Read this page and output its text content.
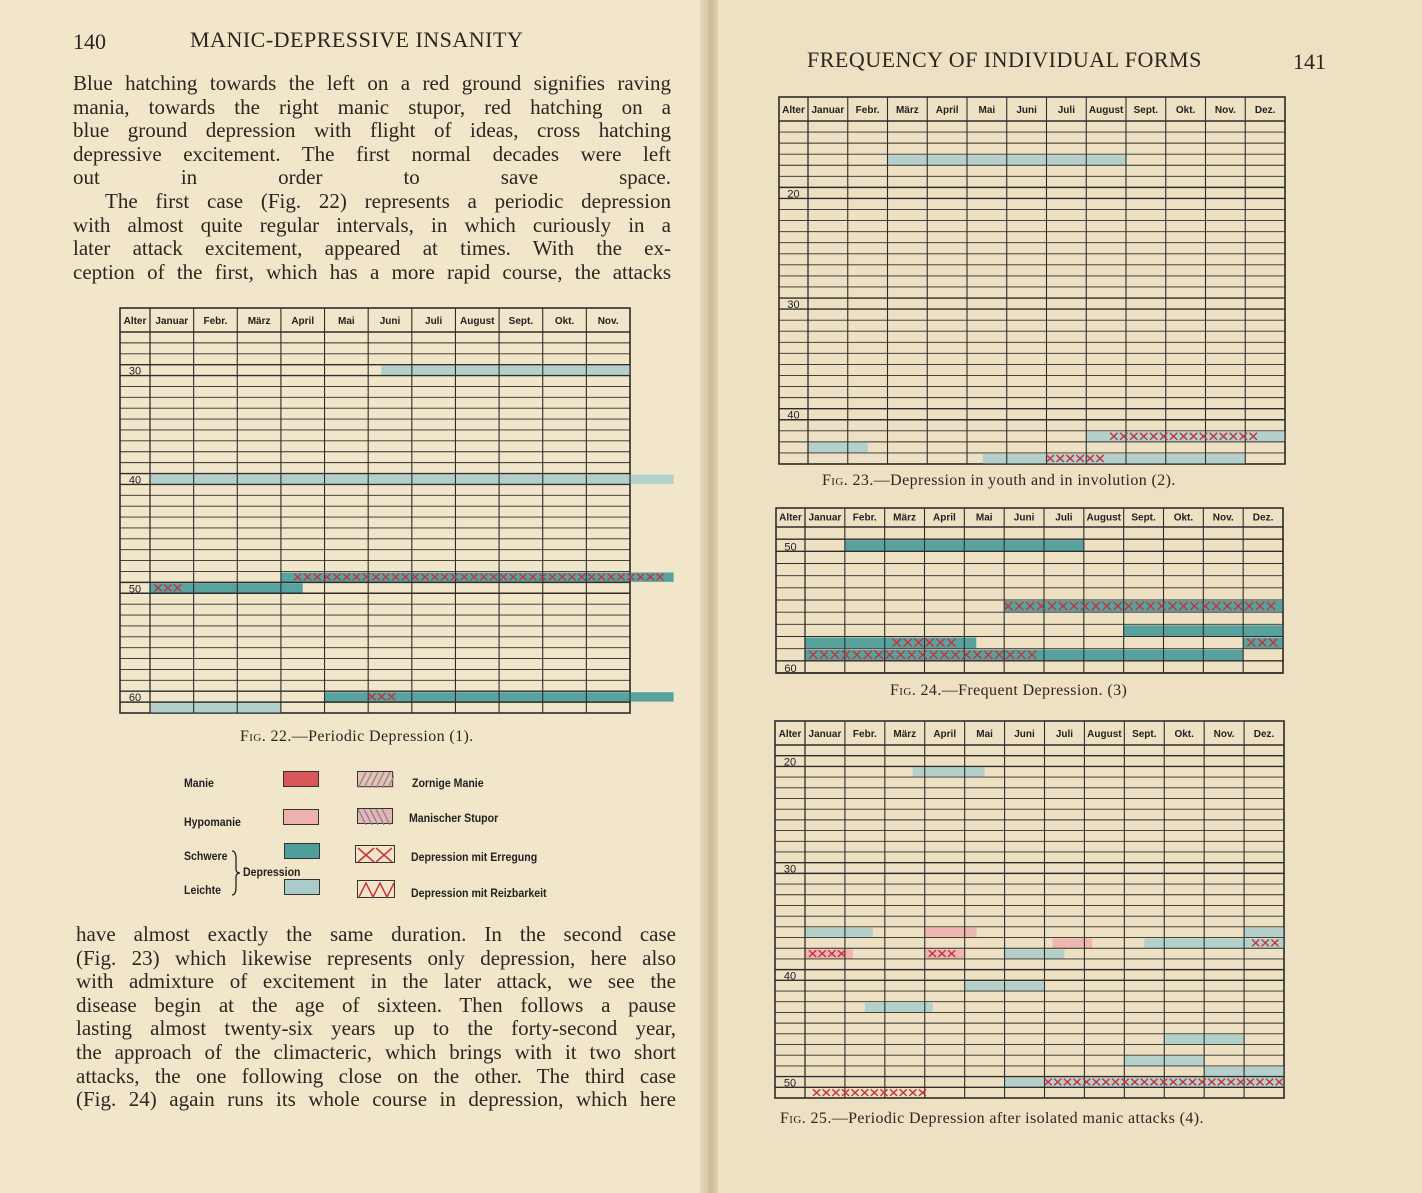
140	MANIC-DEPRESSIVE INSANITY
Blue hatching towards the left on a red ground signifies raving
mania, towards the right manic stupor, red hatching on a
blue ground depression with flight of ideas, cross hatching
depressive excitement. The first normal decades were left
out in order to save space.
The first case (Fig. 22) represents a periodic depression
with almost quite regular intervals, in which curiously in a
later attack excitement, appeared at times. With the ex-
ception of the first, which has a more rapid course, the attacks
Alter Januar Febr. März April Mai	Juni Juli August Sept. Okt. Nov.
30
40
50
60
Fig. 22.—Periodic Depression (1).
Manie
Hypomanie
Schwere
Leichte
Depression
Zornige Manie
Manischer Stupor
Depression mit Erregung
Depression mit Reizbarkeit
have almost exactly the same duration. In the second case
(Fig. 23) which likewise represents only depression, here also
with admixture of excitement in the later attack, we see the
disease begin at the age of sixteen. Then follows a pause
lasting almost twenty-six years up to the forty-second year,
the approach of the climacteric, which brings with it two short
attacks, the one following close on the other. The third case
(Fig. 24) again runs its whole course in depression, which here
FREQUENCY OF INDIVIDUAL FORMS	141
Alter Januar Febr. März April Mai Juni Juli August Sept. Okt. Nov. Dez.
20
30
40
Fig. 23.—Depression in youth and in involution (2).
Alter Januar Febr. März April Mai Juni Juli August Sept. Okt. Nov. Dez.
50
60
Fig. 24.—Frequent Depression. (3)
Alter Januar Febr. März April Mai Juni Juli August Sept. Okt. Nov. Dez.
20
30
40
50
Fig. 25.—Periodic Depression after isolated manic attacks (4).
